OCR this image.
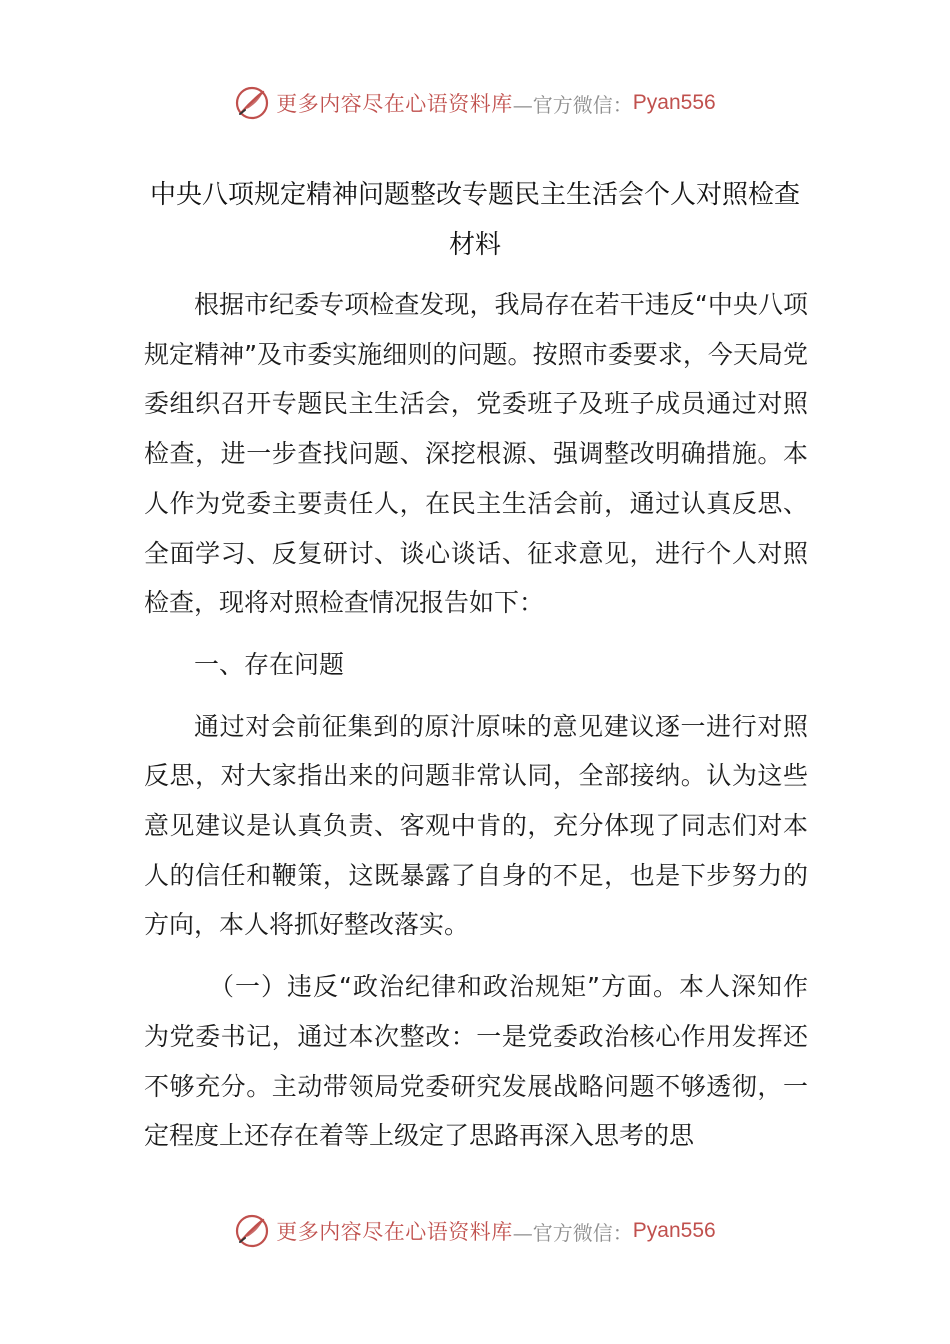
更多内容尽在心语资料库 —官方微信： Pyan556
中央八项规定精神问题整改专题民主生活会个人对照检查材料

根据市纪委专项检查发现，我局存在若干违反“中央八项规定精神”及市委实施细则的问题。按照市委要求，今天局党委组织召开专题民主生活会，党委班子及班子成员通过对照检查，进一步查找问题、深挖根源、强调整改明确措施。本人作为党委主要责任人，在民主生活会前，通过认真反思、全面学习、反复研讨、谈心谈话、征求意见，进行个人对照检查，现将对照检查情况报告如下：

一、存在问题

通过对会前征集到的原汁原味的意见建议逐一进行对照反思，对大家指出来的问题非常认同，全部接纳。认为这些意见建议是认真负责、客观中肯的，充分体现了同志们对本人的信任和鞭策，这既暴露了自身的不足，也是下步努力的方向，本人将抓好整改落实。

（一）违反“政治纪律和政治规矩”方面。本人深知作为党委书记，通过本次整改：一是党委政治核心作用发挥还不够充分。主动带领局党委研究发展战略问题不够透彻，一定程度上还存在着等上级定了思路再深入思考的思

更多内容尽在心语资料库 —官方微信： Pyan556
